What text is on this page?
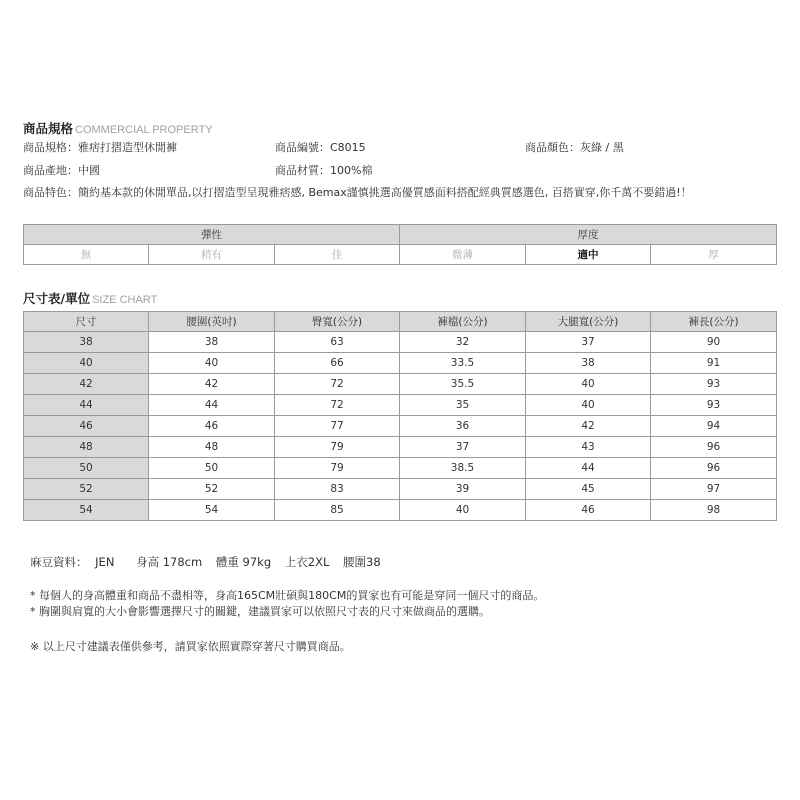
商品規格 COMMERCIAL PROPERTY
商品規格：雅痞打摺造型休閒褲	商品編號：C8015	商品顏色：灰綠 / 黑
商品產地：中國	商品材質：100%棉
商品特色：簡約基本款的休閒單品,以打摺造型呈現雅痞感, Bemax謹慎挑選高優質感面料搭配經典質感選色, 百搭實穿,你千萬不要錯過!！
彈性			厚度		
無	稍有	佳	微薄	適中	厚
尺寸表/單位 SIZE CHART
尺寸	腰圍(英吋)	臀寬(公分)	褲檔(公分)	大腿寬(公分)	褲長(公分)
38	38	63	32	37	90
40	40	66	33.5	38	91
42	42	72	35.5	40	93
44	44	72	35	40	93
46	46	77	36	42	94
48	48	79	37	43	96
50	50	79	38.5	44	96
52	52	83	39	45	97
54	54	85	40	46	98
麻豆資料： JEN 身高 178cm 體重 97kg 上衣2XL 腰圍38
* 每個人的身高體重和商品不盡相等，身高165CM壯碩與180CM的買家也有可能是穿同一個尺寸的商品。
* 胸圍與肩寬的大小會影響選擇尺寸的關鍵，建議買家可以依照尺寸表的尺寸來做商品的選購。
※ 以上尺寸建議表僅供參考，請買家依照實際穿著尺寸購買商品。
